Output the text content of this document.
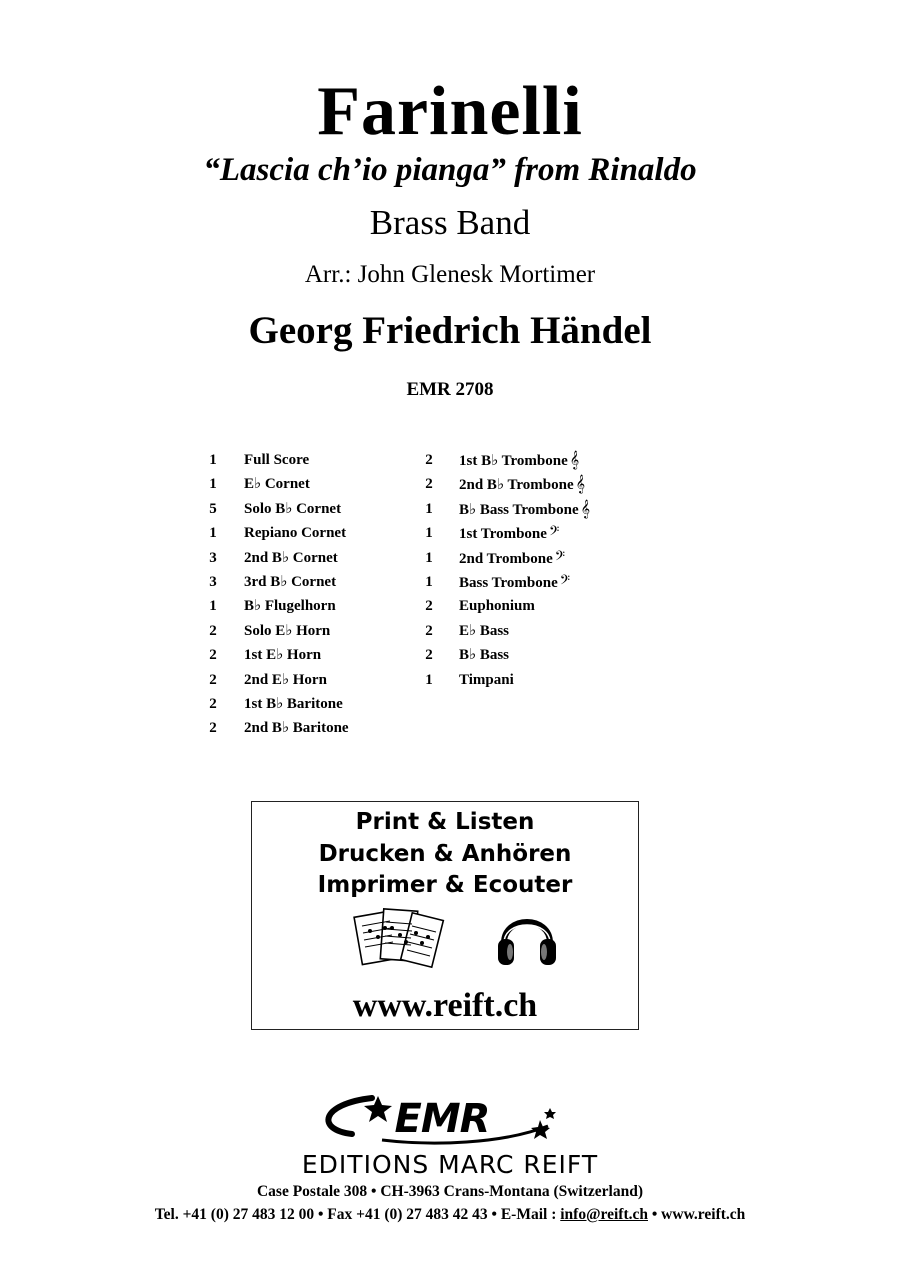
Farinelli
“Lascia ch’io pianga” from Rinaldo
Brass Band
Arr.: John Glenesk Mortimer
Georg Friedrich Händel
EMR 2708
1 Full Score
1 E♭ Cornet
5 Solo B♭ Cornet
1 Repiano Cornet
3 2nd B♭ Cornet
3 3rd B♭ Cornet
1 B♭ Flugelhorn
2 Solo E♭ Horn
2 1st E♭ Horn
2 2nd E♭ Horn
2 1st B♭ Baritone
2 2nd B♭ Baritone
2 1st B♭ Trombone 𝄞
2 2nd B♭ Trombone 𝄞
1 B♭ Bass Trombone 𝄞
1 1st Trombone 𝄢
1 2nd Trombone 𝄢
1 Bass Trombone 𝄢
2 Euphonium
2 E♭ Bass
2 B♭ Bass
1 Timpani
Print & Listen
Drucken & Anhören
Imprimer & Ecouter
www.reift.ch
EMR
EDITIONS MARC REIFT
Case Postale 308 • CH-3963 Crans-Montana (Switzerland)
Tel. +41 (0) 27 483 12 00 • Fax +41 (0) 27 483 42 43 • E-Mail : info@reift.ch • www.reift.ch
